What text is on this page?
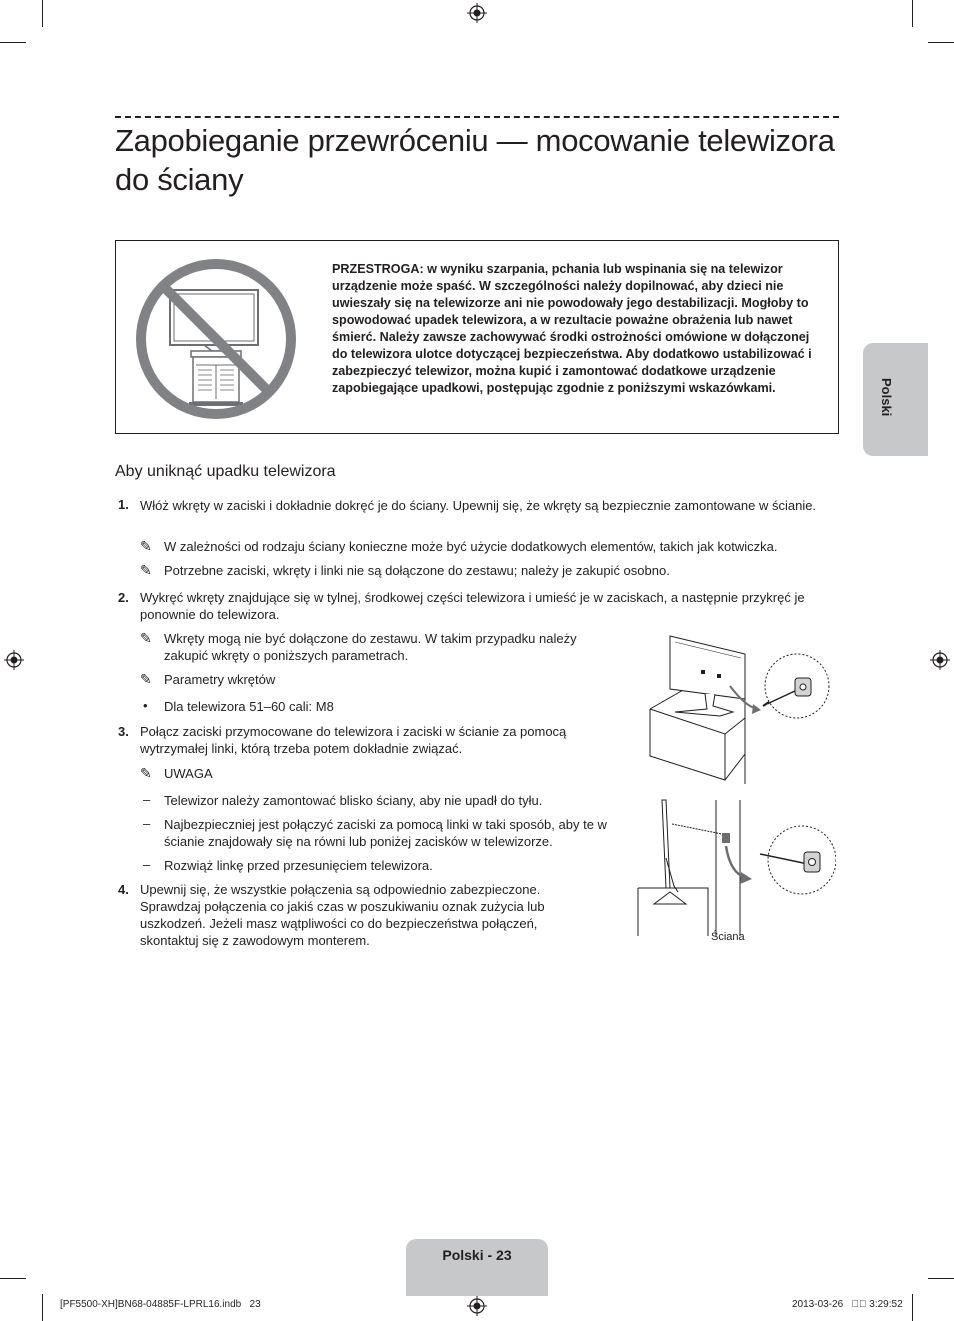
Zapobieganie przewróceniu — mocowanie telewizora do ściany
Polski
PRZESTROGA: w wyniku szarpania, pchania lub wspinania się na telewizor urządzenie może spaść. W szczególności należy dopilnować, aby dzieci nie uwieszały się na telewizorze ani nie powodowały jego destabilizacji. Mogłoby to spowodować upadek telewizora, a w rezultacie poważne obrażenia lub nawet śmierć. Należy zawsze zachowywać środki ostrożności omówione w dołączonej do telewizora ulotce dotyczącej bezpieczeństwa. Aby dodatkowo ustabilizować i zabezpieczyć telewizor, można kupić i zamontować dodatkowe urządzenie zapobiegające upadkowi, postępując zgodnie z poniższymi wskazówkami.
Aby uniknąć upadku telewizora
1. Włóż wkręty w zaciski i dokładnie dokręć je do ściany. Upewnij się, że wkręty są bezpiecznie zamontowane w ścianie.
✎ W zależności od rodzaju ściany konieczne może być użycie dodatkowych elementów, takich jak kotwiczka.
✎ Potrzebne zaciski, wkręty i linki nie są dołączone do zestawu; należy je zakupić osobno.
2. Wykręć wkręty znajdujące się w tylnej, środkowej części telewizora i umieść je w zaciskach, a następnie przykręć je ponownie do telewizora.
✎ Wkręty mogą nie być dołączone do zestawu. W takim przypadku należy zakupić wkręty o poniższych parametrach.
✎ Parametry wkrętów
• Dla telewizora 51–60 cali: M8
3. Połącz zaciski przymocowane do telewizora i zaciski w ścianie za pomocą wytrzymałej linki, którą trzeba potem dokładnie związać.
✎ UWAGA
– Telewizor należy zamontować blisko ściany, aby nie upadł do tyłu.
– Najbezpieczniej jest połączyć zaciski za pomocą linki w taki sposób, aby te w ścianie znajdowały się na równi lub poniżej zacisków w telewizorze.
– Rozwiąż linkę przed przesunięciem telewizora.
4. Upewnij się, że wszystkie połączenia są odpowiednio zabezpieczone. Sprawdzaj połączenia co jakiś czas w poszukiwaniu oznak zużycia lub uszkodzeń. Jeżeli masz wątpliwości co do bezpieczeństwa połączeń, skontaktuj się z zawodowym monterem.	Ściana
Polski - 23
[PF5500-XH]BN68-04885F-LPRL16.indb   23	2013-03-26   ￿￿ 3:29:52
